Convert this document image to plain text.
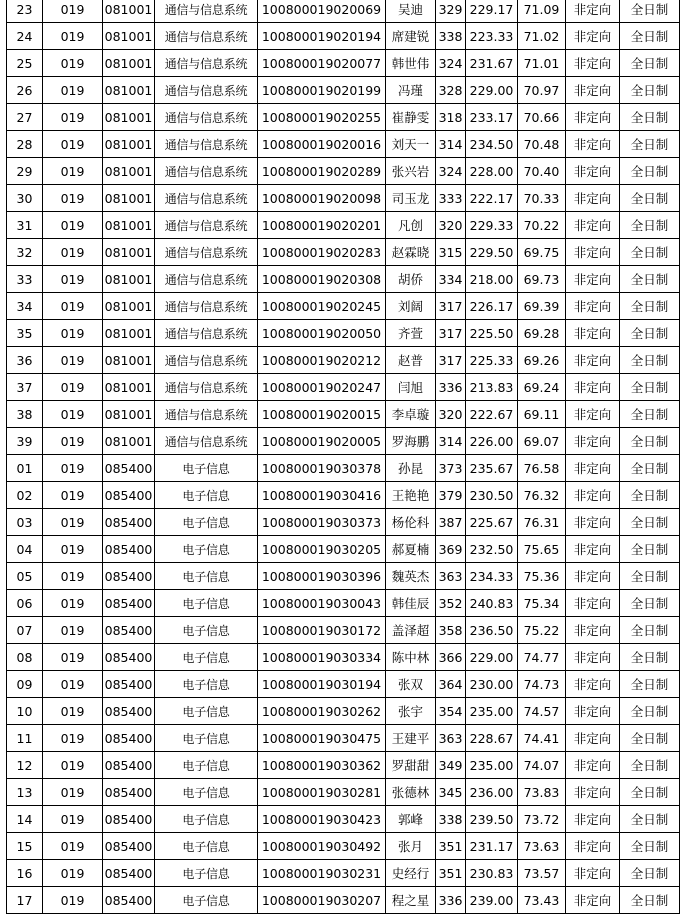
23	019	081001	通信与信息系统	100800019020069	吴迪	329	229.17	71.09	非定向	全日制
24	019	081001	通信与信息系统	100800019020194	席建锐	338	223.33	71.02	非定向	全日制
25	019	081001	通信与信息系统	100800019020077	韩世伟	324	231.67	71.01	非定向	全日制
26	019	081001	通信与信息系统	100800019020199	冯瑾	328	229.00	70.97	非定向	全日制
27	019	081001	通信与信息系统	100800019020255	崔静雯	318	233.17	70.66	非定向	全日制
28	019	081001	通信与信息系统	100800019020016	刘天一	314	234.50	70.48	非定向	全日制
29	019	081001	通信与信息系统	100800019020289	张兴岩	324	228.00	70.40	非定向	全日制
30	019	081001	通信与信息系统	100800019020098	司玉龙	333	222.17	70.33	非定向	全日制
31	019	081001	通信与信息系统	100800019020201	凡创	320	229.33	70.22	非定向	全日制
32	019	081001	通信与信息系统	100800019020283	赵霖晓	315	229.50	69.75	非定向	全日制
33	019	081001	通信与信息系统	100800019020308	胡侨	334	218.00	69.73	非定向	全日制
34	019	081001	通信与信息系统	100800019020245	刘阔	317	226.17	69.39	非定向	全日制
35	019	081001	通信与信息系统	100800019020050	齐萱	317	225.50	69.28	非定向	全日制
36	019	081001	通信与信息系统	100800019020212	赵普	317	225.33	69.26	非定向	全日制
37	019	081001	通信与信息系统	100800019020247	闫旭	336	213.83	69.24	非定向	全日制
38	019	081001	通信与信息系统	100800019020015	李卓璇	320	222.67	69.11	非定向	全日制
39	019	081001	通信与信息系统	100800019020005	罗海鹏	314	226.00	69.07	非定向	全日制
01	019	085400	电子信息	100800019030378	孙昆	373	235.67	76.58	非定向	全日制
02	019	085400	电子信息	100800019030416	王艳艳	379	230.50	76.32	非定向	全日制
03	019	085400	电子信息	100800019030373	杨伦科	387	225.67	76.31	非定向	全日制
04	019	085400	电子信息	100800019030205	郝夏楠	369	232.50	75.65	非定向	全日制
05	019	085400	电子信息	100800019030396	魏英杰	363	234.33	75.36	非定向	全日制
06	019	085400	电子信息	100800019030043	韩佳辰	352	240.83	75.34	非定向	全日制
07	019	085400	电子信息	100800019030172	盖泽超	358	236.50	75.22	非定向	全日制
08	019	085400	电子信息	100800019030334	陈中林	366	229.00	74.77	非定向	全日制
09	019	085400	电子信息	100800019030194	张双	364	230.00	74.73	非定向	全日制
10	019	085400	电子信息	100800019030262	张宇	354	235.00	74.57	非定向	全日制
11	019	085400	电子信息	100800019030475	王建平	363	228.67	74.41	非定向	全日制
12	019	085400	电子信息	100800019030362	罗甜甜	349	235.00	74.07	非定向	全日制
13	019	085400	电子信息	100800019030281	张德林	345	236.00	73.83	非定向	全日制
14	019	085400	电子信息	100800019030423	郭峰	338	239.50	73.72	非定向	全日制
15	019	085400	电子信息	100800019030492	张月	351	231.17	73.63	非定向	全日制
16	019	085400	电子信息	100800019030231	史经行	351	230.83	73.57	非定向	全日制
17	019	085400	电子信息	100800019030207	程之星	336	239.00	73.43	非定向	全日制
